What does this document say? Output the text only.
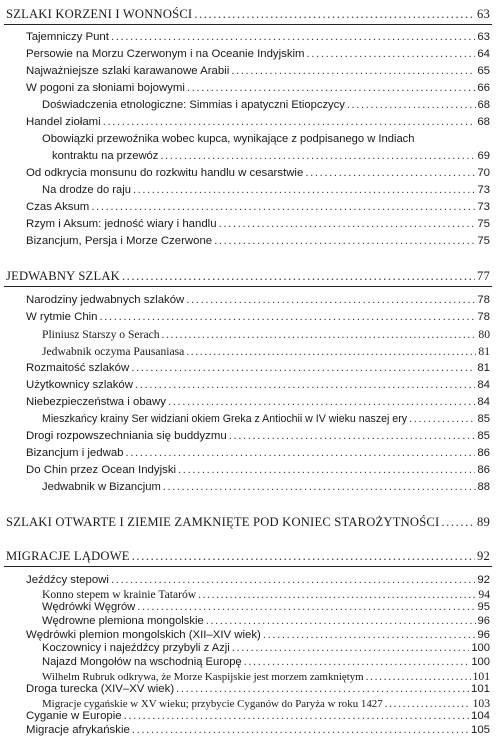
SZLAKI KORZENI I WONNOŚCI .....	63
Tajemniczy Punt .....	63
Persowie na Morzu Czerwonym i na Oceanie Indyjskim .....	64
Najważniejsze szlaki karawanowe Arabii .....	65
W pogoni za słoniami bojowymi .....	66
Doświadczenia etnologiczne: Simmias i apatyczni Etiopczycy .....	68
Handel ziołami .....	68
Obowiązki przewoźnika wobec kupca, wynikające z podpisanego w Indiach
kontraktu na przewóz .....	69
Od odkrycia monsunu do rozkwitu handlu w cesarstwie .....	70
Na drodze do raju .....	73
Czas Aksum .....	73
Rzym i Aksum: jedność wiary i handlu .....	75
Bizancjum, Persja i Morze Czerwone .....	75
JEDWABNY SZLAK .....	77
Narodziny jedwabnych szlaków .....	78
W rytmie Chin .....	78
Pliniusz Starszy o Serach .....	80
Jedwabnik oczyma Pausaniasa .....	81
Rozmaitość szlaków .....	81
Użytkownicy szlaków .....	84
Niebezpieczeństwa i obawy .....	84
Mieszkańcy krainy Ser widziani okiem Greka z Antiochii w IV wieku naszej ery .....	85
Drogi rozpowszechniania się buddyzmu .....	85
Bizancjum i jedwab .....	86
Do Chin przez Ocean Indyjski .....	86
Jedwabnik w Bizancjum .....	88
SZLAKI OTWARTE I ZIEMIE ZAMKNIĘTE POD KONIEC STAROŻYTNOŚCI .....	89
MIGRACJE LĄDOWE .....	92
Jeźdźcy stepowi .....	92
Konno stepem w krainie Tatarów .....	94
Wędrówki Węgrów .....	95
Wędrowne plemiona mongolskie .....	96
Wędrówki plemion mongolskich (XII–XIV wiek) .....	96
Koczownicy i najeźdźcy przybyli z Azji .....	100
Najazd Mongołów na wschodnią Europę .....	100
Wilhelm Rubruk odkrywa, że Morze Kaspijskie jest morzem zamkniętym .....	101
Droga turecka (XIV–XV wiek) .....	101
Migracje cygańskie w XV wieku; przybycie Cyganów do Paryża w roku 1427 .....	103
Cyganie w Europie .....	104
Migracje afrykańskie .....	105
